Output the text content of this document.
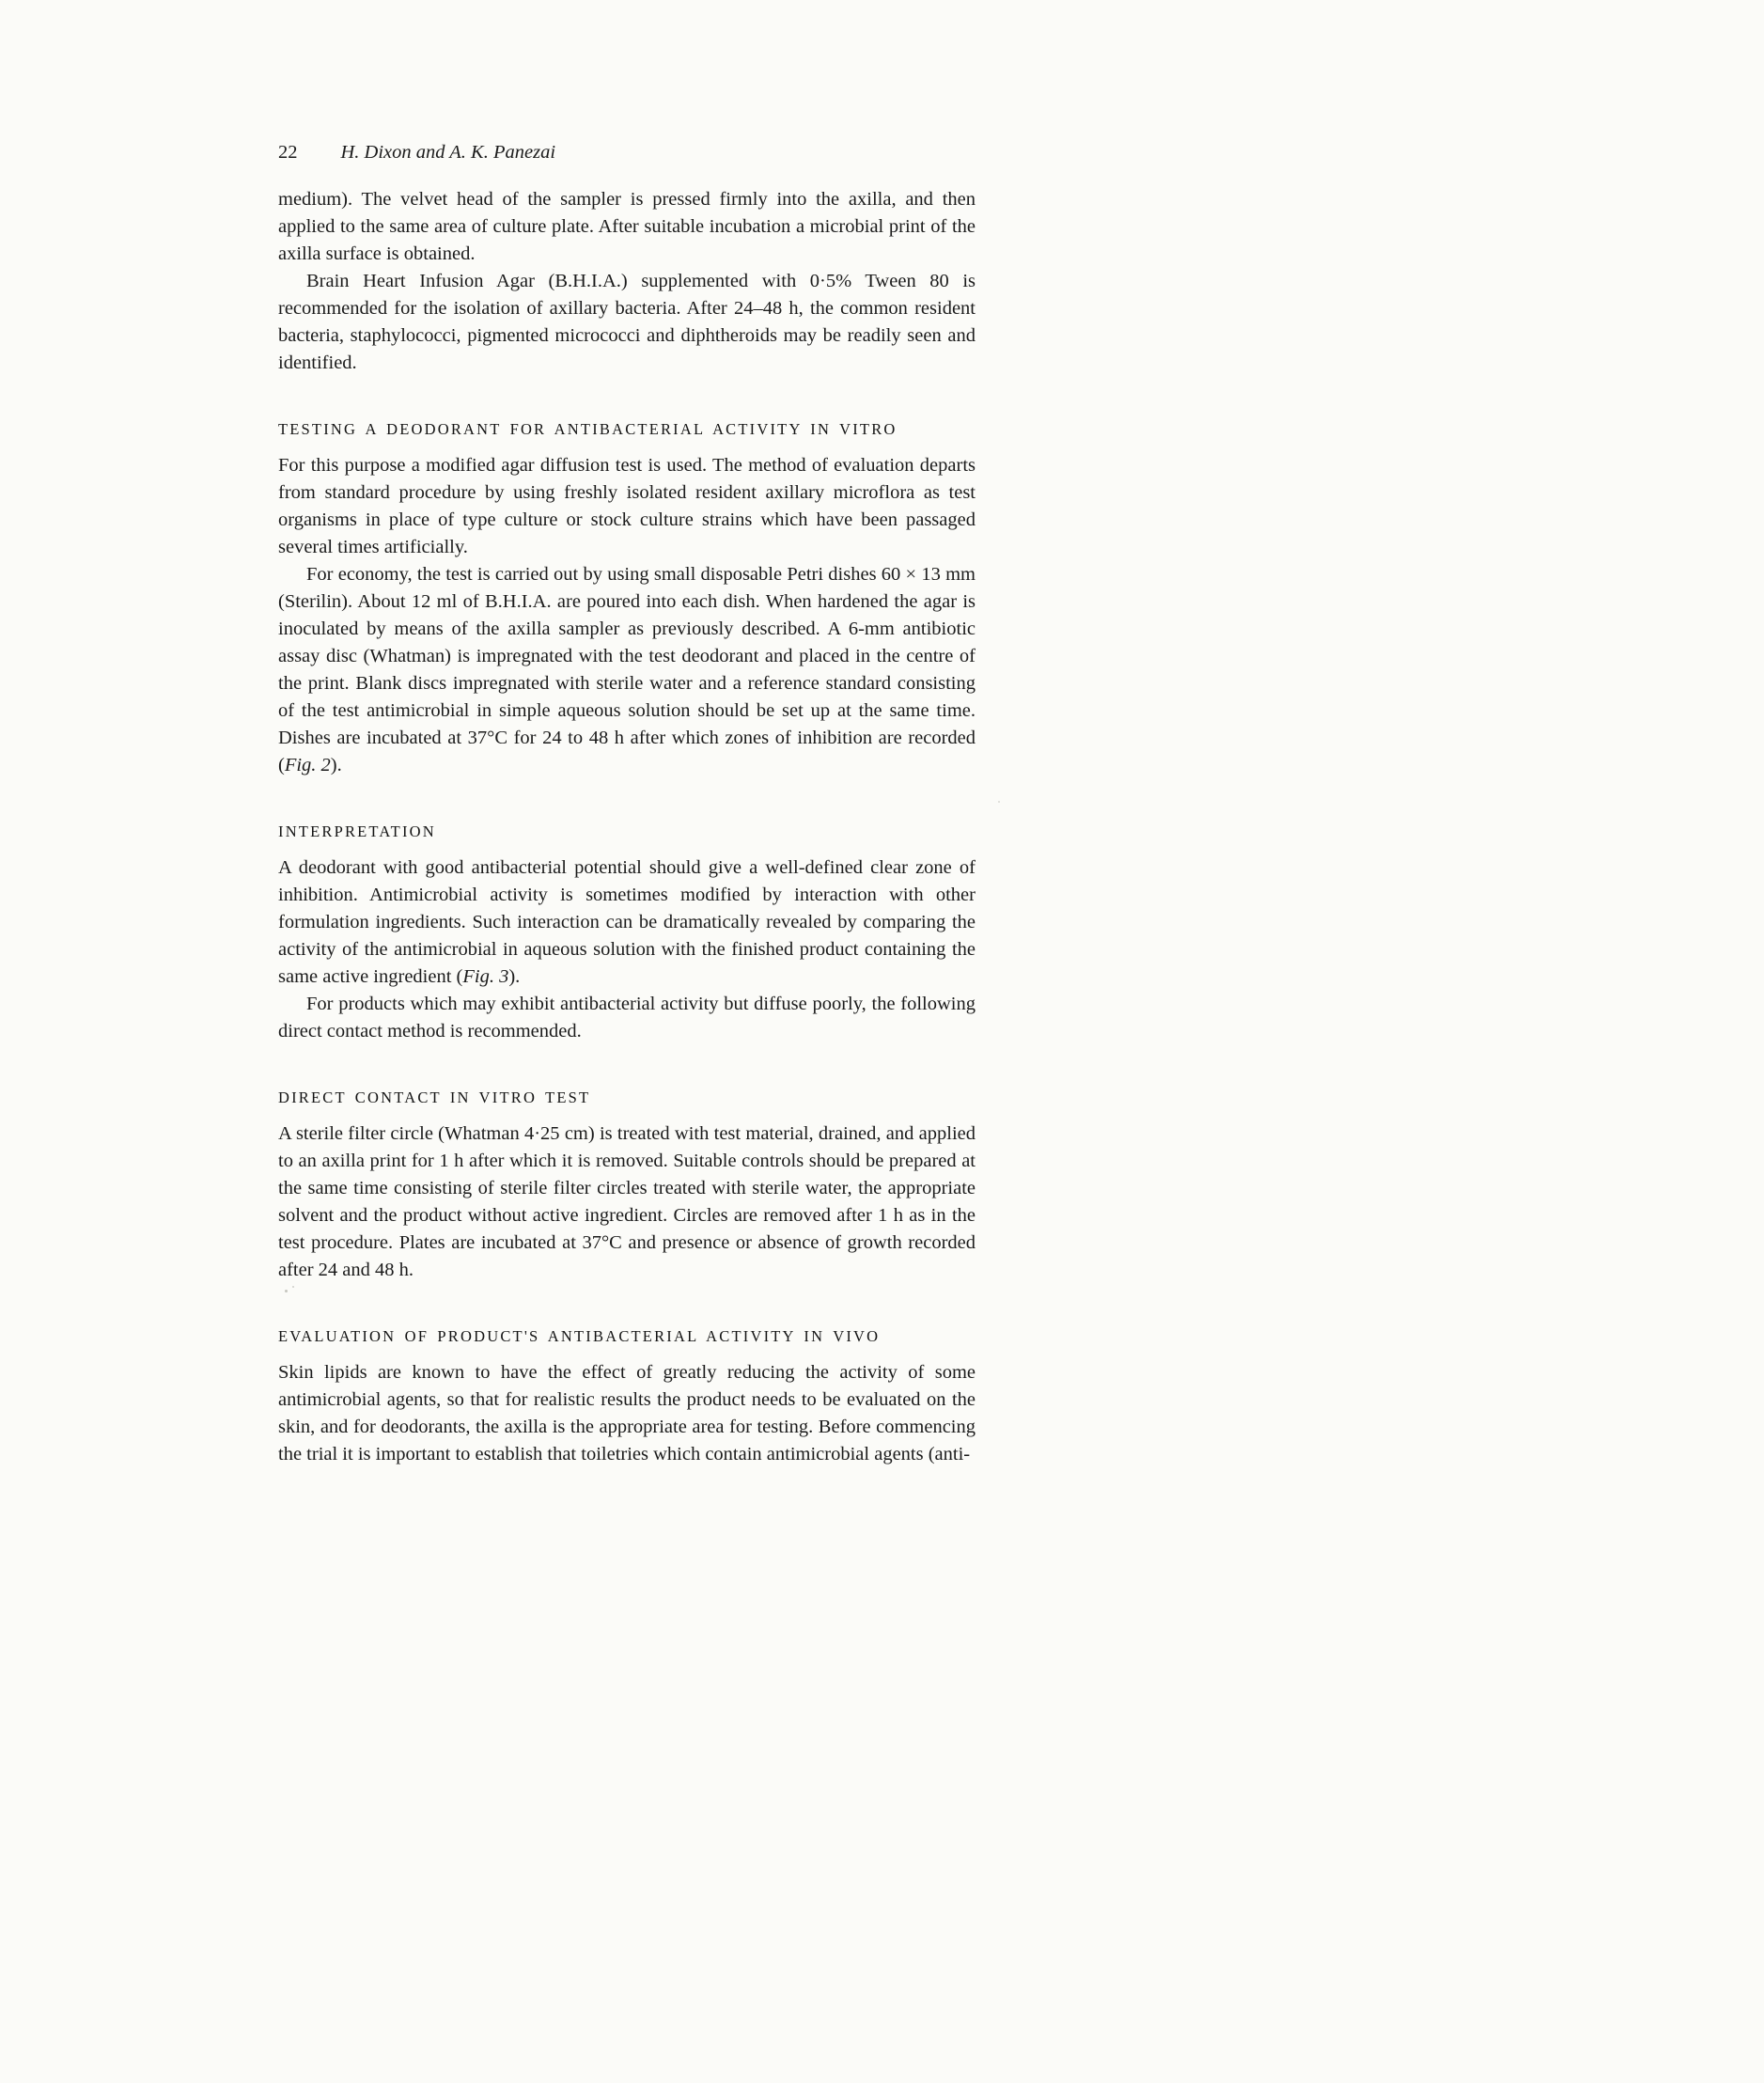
22 H. Dixon and A. K. Panezai

medium). The velvet head of the sampler is pressed firmly into the axilla, and then applied to the same area of culture plate. After suitable incubation a microbial print of the axilla surface is obtained.

Brain Heart Infusion Agar (B.H.I.A.) supplemented with 0·5% Tween 80 is recommended for the isolation of axillary bacteria. After 24–48 h, the common resident bacteria, staphylococci, pigmented micrococci and diphtheroids may be readily seen and identified.

TESTING A DEODORANT FOR ANTIBACTERIAL ACTIVITY IN VITRO

For this purpose a modified agar diffusion test is used. The method of evaluation departs from standard procedure by using freshly isolated resident axillary microflora as test organisms in place of type culture or stock culture strains which have been passaged several times artificially.

For economy, the test is carried out by using small disposable Petri dishes 60 × 13 mm (Sterilin). About 12 ml of B.H.I.A. are poured into each dish. When hardened the agar is inoculated by means of the axilla sampler as previously described. A 6-mm antibiotic assay disc (Whatman) is impregnated with the test deodorant and placed in the centre of the print. Blank discs impregnated with sterile water and a reference standard consisting of the test antimicrobial in simple aqueous solution should be set up at the same time. Dishes are incubated at 37°C for 24 to 48 h after which zones of inhibition are recorded (Fig. 2).

INTERPRETATION

A deodorant with good antibacterial potential should give a well-defined clear zone of inhibition. Antimicrobial activity is sometimes modified by interaction with other formulation ingredients. Such interaction can be dramatically revealed by comparing the activity of the antimicrobial in aqueous solution with the finished product containing the same active ingredient (Fig. 3).

For products which may exhibit antibacterial activity but diffuse poorly, the following direct contact method is recommended.

DIRECT CONTACT IN VITRO TEST

A sterile filter circle (Whatman 4·25 cm) is treated with test material, drained, and applied to an axilla print for 1 h after which it is removed. Suitable controls should be prepared at the same time consisting of sterile filter circles treated with sterile water, the appropriate solvent and the product without active ingredient. Circles are removed after 1 h as in the test procedure. Plates are incubated at 37°C and presence or absence of growth recorded after 24 and 48 h.

EVALUATION OF PRODUCT'S ANTIBACTERIAL ACTIVITY IN VIVO

Skin lipids are known to have the effect of greatly reducing the activity of some antimicrobial agents, so that for realistic results the product needs to be evaluated on the skin, and for deodorants, the axilla is the appropriate area for testing. Before commencing the trial it is important to establish that toiletries which contain antimicrobial agents (anti-
